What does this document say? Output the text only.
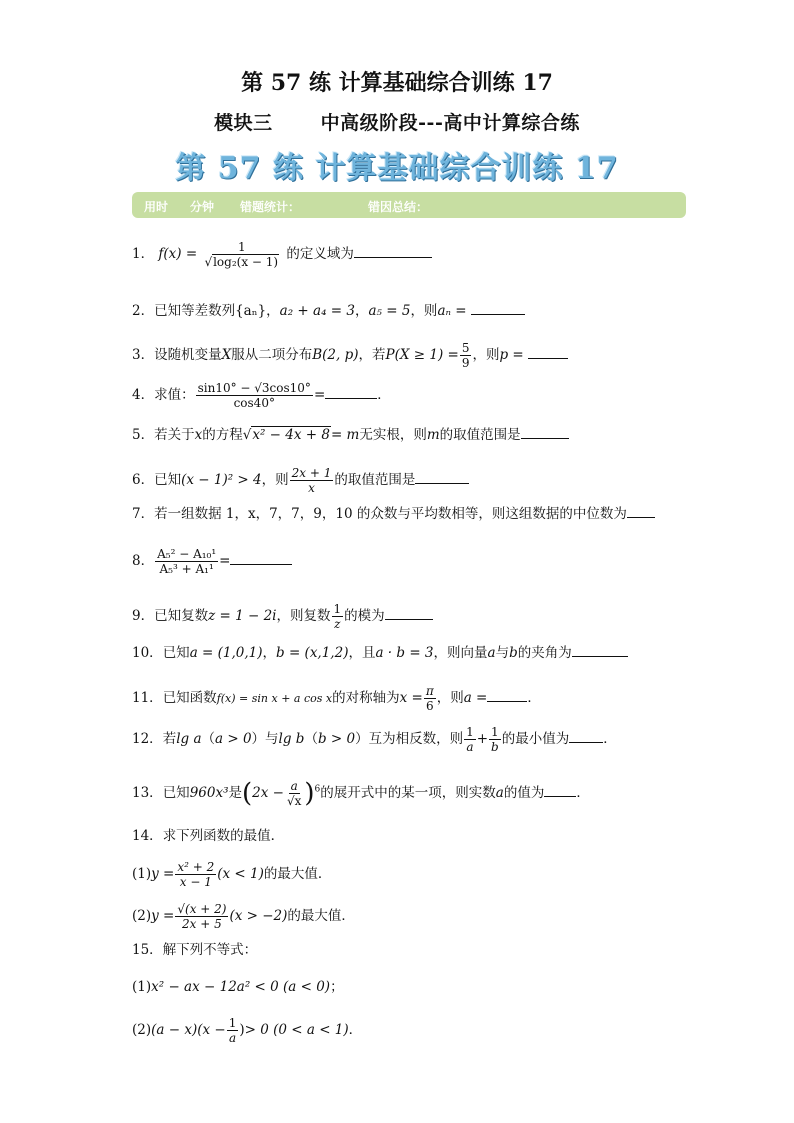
第 57 练 计算基础综合训练 17
模块三	中高级阶段---高中计算综合练
第 57 练 计算基础综合训练 17
用时 分钟 错题统计：	错因总结：
1． $f(x) = \frac{1}{\text{√log₂(x − 1)}}$ 的定义域为
2．已知等差数列{aₙ}，a₂ + a₄ = 3，a₅ = 5，则aₙ =
3．设随机变量X服从二项分布B(2, p)，若$P(X \ge 1) = \frac{5}{9}$ ，则p =
4．求值： $\frac{\sin 10^\circ - √3\cos 10^\circ}{\cos 40^\circ}$ =	．
5．若关于x的方程√x² − 4x + 8= m无实根，则m的取值范围是
6．已知(x − 1)² > 4，则 $\frac{2x + 1}{x}$ 的取值范围是
7．若一组数据 1，x，7，7，9，10 的众数与平均数相等，则这组数据的中位数为
8． $\frac{\text{A₅² − A₁₀¹}}{\text{A₅³ + A₁¹}}$ =
9．已知复数z = 1 − 2i，则复数 $\frac{1}{z}$ 的模为
10．已知a = (1,0,1)，b = (x,1,2)，且a · b = 3，则向量a与b的夹角为
11．已知函数f(x) = sin x + a cos x的对称轴为$x = \frac{\pi}{6}$ ，则a =	．
12．若lg a（a > 0）与lg b（b > 0）互为相反数，则 $\frac{1}{a} + \frac{1}{b}$ 的最小值为	．
13．已知960x³是$(2x - \frac{a}{√x} )^6$的展开式中的某一项，则实数a的值为 ．
14．求下列函数的最值．
$(1)y = \frac{\text{x² + 2}}{x - 1} (x < 1)$的最大值．
$(2)y = \frac{√(x + 2)}{2x + 5} (x > -2)$的最大值．
15．解下列不等式：
(1)x² − ax − 12a² < 0 (a < 0)；
$(2)(a - x)(x - \frac{1}{a}$ )> 0 (0 < a < 1)．
